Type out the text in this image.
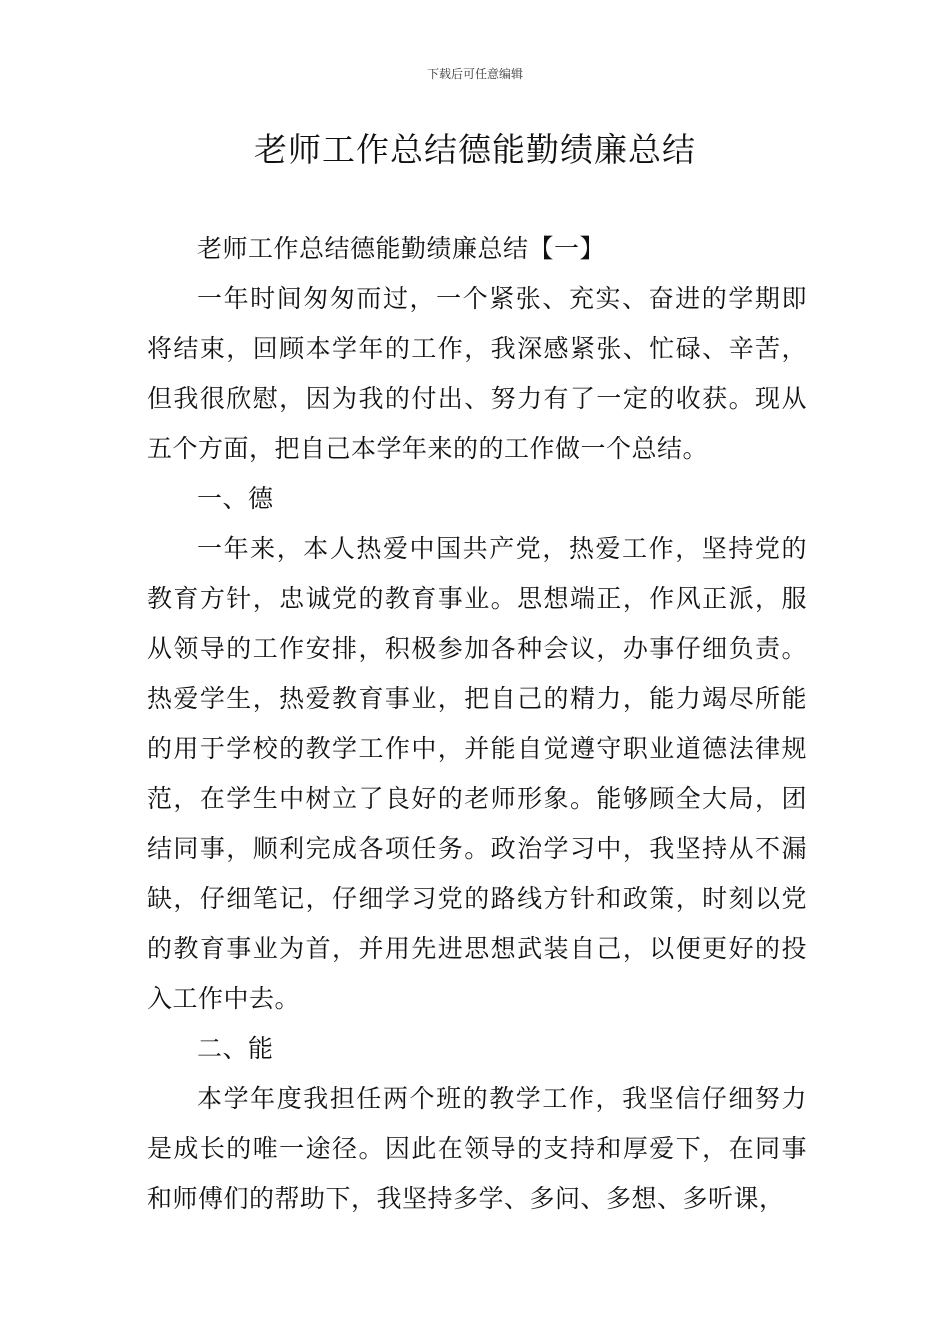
下载后可任意编辑
老师工作总结德能勤绩廉总结

老师工作总结德能勤绩廉总结【一】

一年时间匆匆而过，一个紧张、充实、奋进的学期即将结束，回顾本学年的工作，我深感紧张、忙碌、辛苦，但我很欣慰，因为我的付出、努力有了一定的收获。现从五个方面，把自己本学年来的的工作做一个总结。

一、德

一年来，本人热爱中国共产党，热爱工作，坚持党的教育方针，忠诚党的教育事业。思想端正，作风正派，服从领导的工作安排，积极参加各种会议，办事仔细负责。热爱学生，热爱教育事业，把自己的精力，能力竭尽所能的用于学校的教学工作中，并能自觉遵守职业道德法律规范，在学生中树立了良好的老师形象。能够顾全大局，团结同事，顺利完成各项任务。政治学习中，我坚持从不漏缺，仔细笔记，仔细学习党的路线方针和政策，时刻以党的教育事业为首，并用先进思想武装自己，以便更好的投入工作中去。

二、能

本学年度我担任两个班的教学工作，我坚信仔细努力是成长的唯一途径。因此在领导的支持和厚爱下，在同事和师傅们的帮助下，我坚持多学、多问、多想、多听课，
